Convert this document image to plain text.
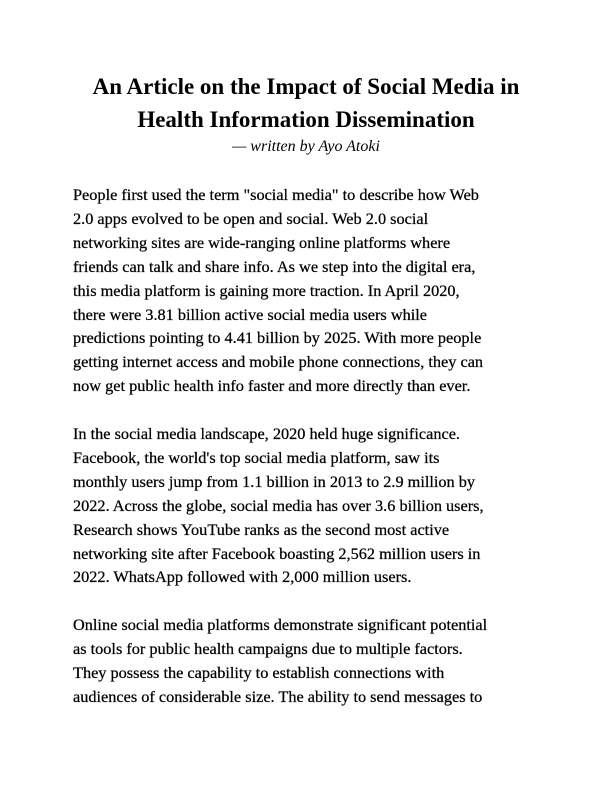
An Article on the Impact of Social Media in
Health Information Dissemination
— written by Ayo Atoki
People first used the term "social media" to describe how Web
2.0 apps evolved to be open and social. Web 2.0 social
networking sites are wide-ranging online platforms where
friends can talk and share info. As we step into the digital era,
this media platform is gaining more traction. In April 2020,
there were 3.81 billion active social media users while
predictions pointing to 4.41 billion by 2025. With more people
getting internet access and mobile phone connections, they can
now get public health info faster and more directly than ever.
In the social media landscape, 2020 held huge significance.
Facebook, the world's top social media platform, saw its
monthly users jump from 1.1 billion in 2013 to 2.9 million by
2022. Across the globe, social media has over 3.6 billion users,
Research shows YouTube ranks as the second most active
networking site after Facebook boasting 2,562 million users in
2022. WhatsApp followed with 2,000 million users.
Online social media platforms demonstrate significant potential
as tools for public health campaigns due to multiple factors.
They possess the capability to establish connections with
audiences of considerable size. The ability to send messages to
